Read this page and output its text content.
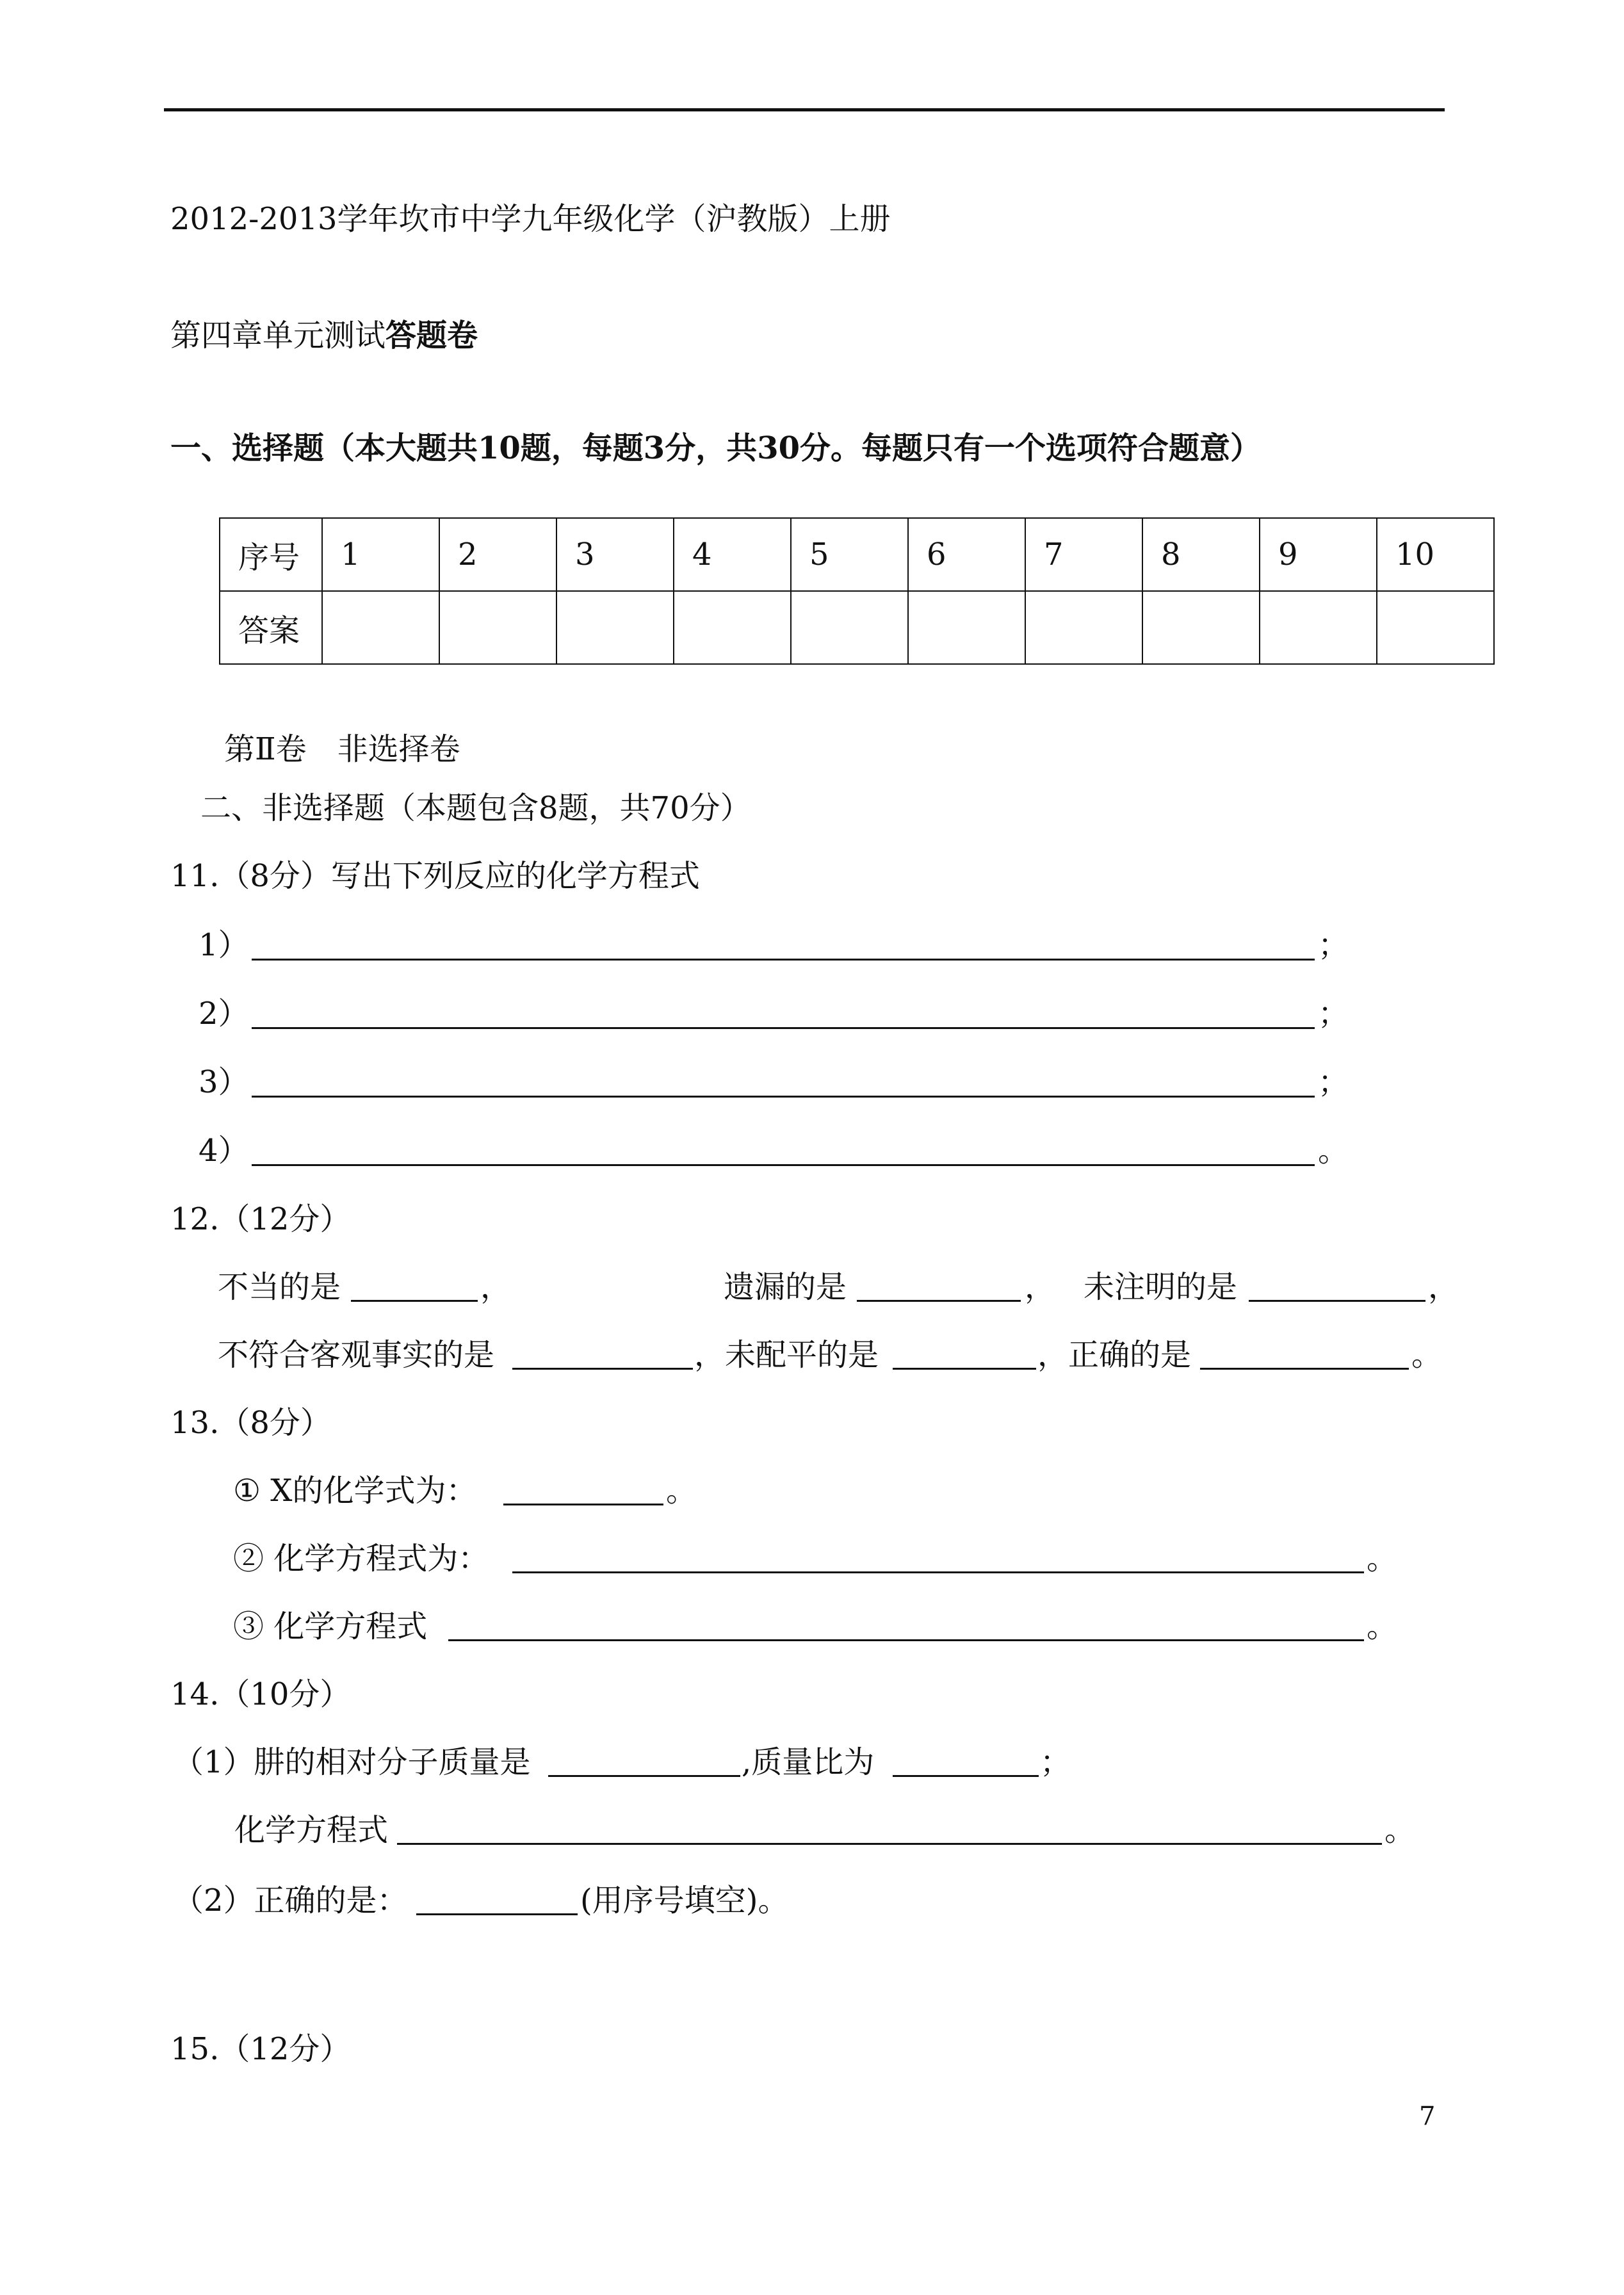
2012-2013学年坎市中学九年级化学（沪教版）上册
第四章单元测试答题卷
一、选择题（本大题共10题，每题3分，共30分。每题只有一个选项符合题意）
序号	1	2	3	4	5	6	7	8	9	10
答案										
第Ⅱ卷　非选择卷
二、非选择题（本题包含8题，共70分）
11.（8分）写出下列反应的化学方程式
1）	；
2）	；
3）	；
4）	。
12.（12分）
不当的是	，	遗漏的是	， 未注明的是	，
不符合客观事实的是	，未配平的是	，正确的是	。
13.（8分）
① X的化学式为：	。
② 化学方程式为：	。
③ 化学方程式	。
14.（10分）
（1）肼的相对分子质量是	,质量比为	；
化学方程式	。
（2）正确的是：	(用序号填空)。
15.（12分）
7
